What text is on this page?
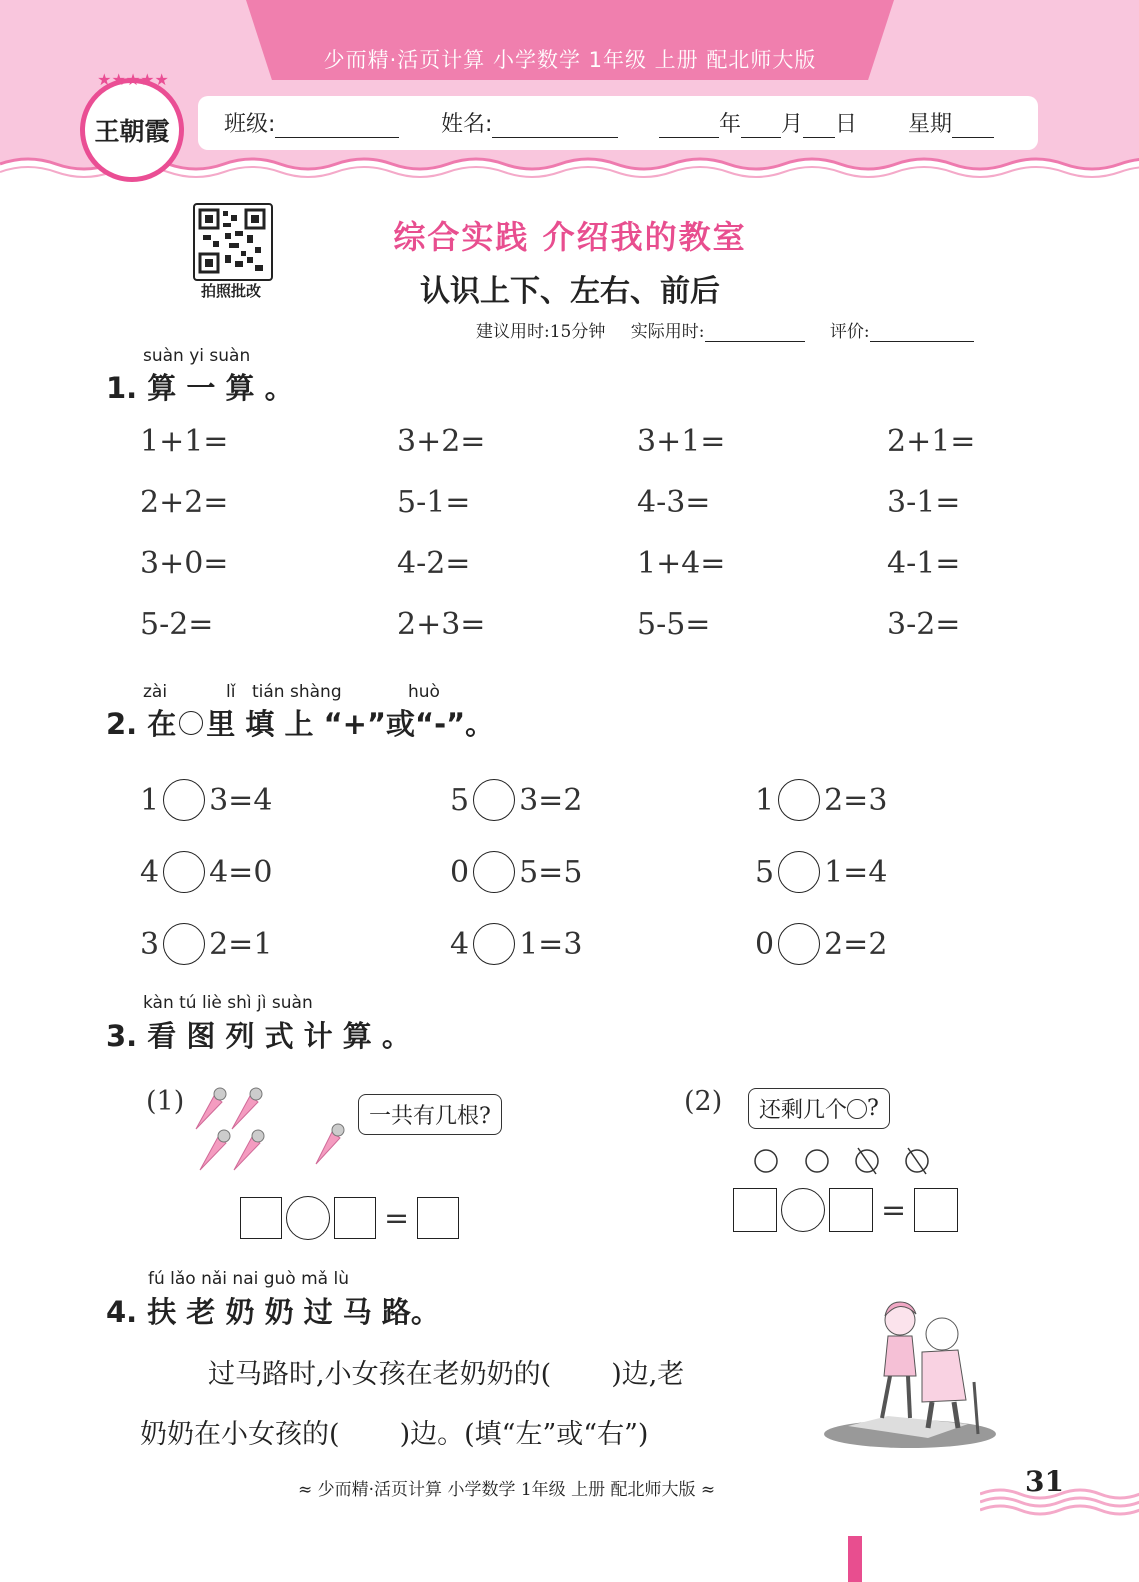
少而精·活页计算 小学数学 1年级 上册 配北师大版
班级:	姓名:	年 月 日 星期
★★★★★
王朝霞
拍照批改
综合实践 介绍我的教室
认识上下、左右、前后
建议用时:15分钟 实际用时:	评价:
suàn yi suàn
1. 算 一 算 。
1+1=	3+2=	3+1=	2+1=
2+2=	5-1=	4-3=	3-1=
3+0=	4-2=	1+4=	4-1=
5-2=	2+3=	5-5=	3-2=
zài	lǐ tián shàng	huò
2. 在 里 填 上 “+”或“-”。
1 3=4	5 3=2	1 2=3
4 4=0	0 5=5	5 1=4
3 2=1	4 1=3	0 2=2
kàn tú liè shì jì suàn
3. 看 图 列 式 计 算 。
(1)	一共有几根?
=
(2) 还剩几个 ?
=
fú lǎo nǎi nai guò mǎ lù
4. 扶 老 奶 奶 过 马 路。
过马路时,小女孩在老奶奶的(       )边,老
奶奶在小女孩的(       )边。(填“左”或“右”)
≈ 少而精·活页计算 小学数学 1年级 上册 配北师大版 ≈	31
